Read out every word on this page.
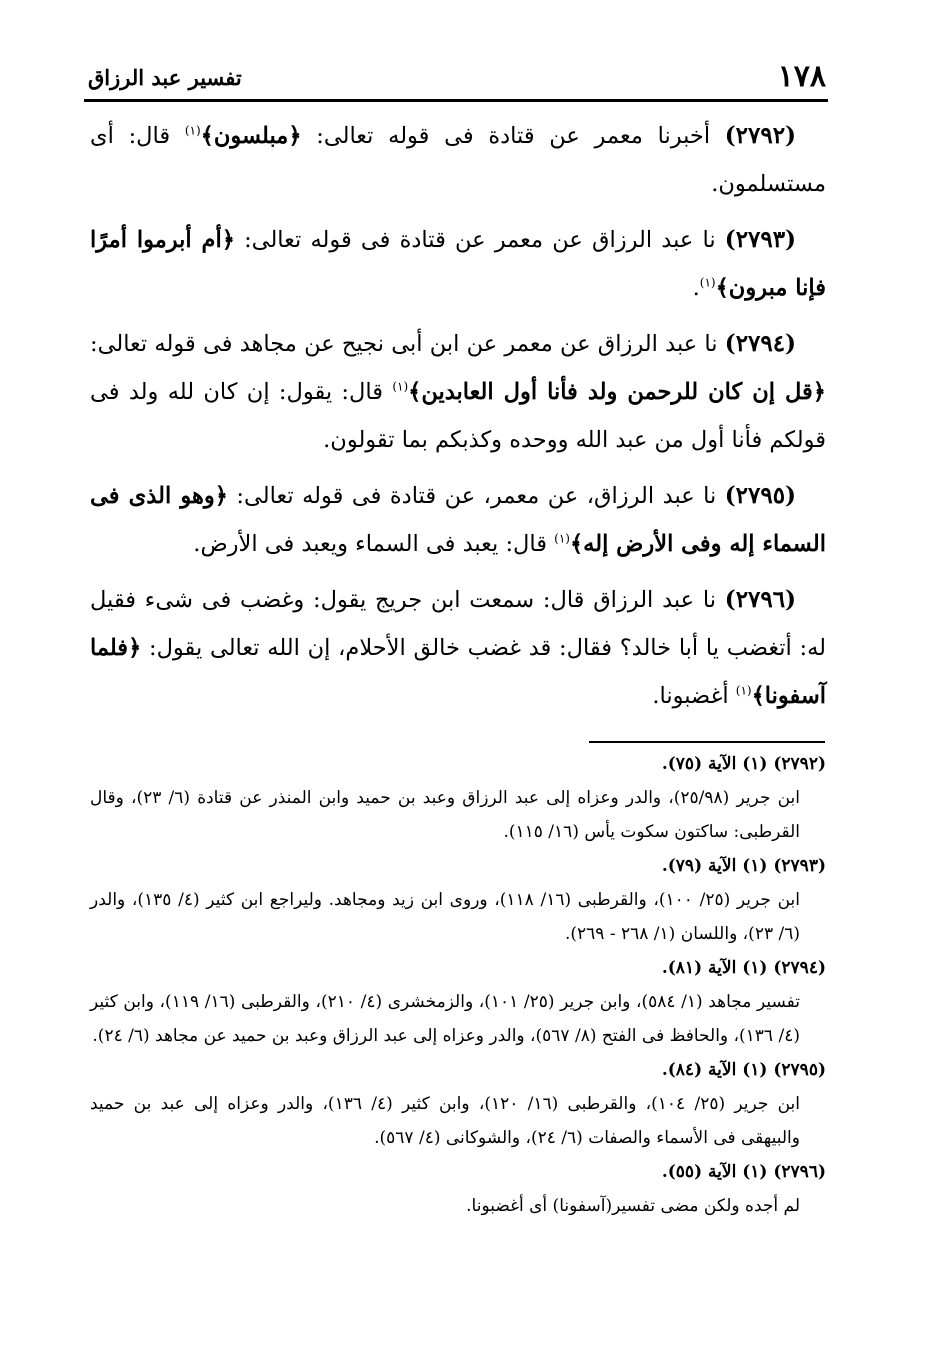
١٧٨
تفسير عبد الرزاق

(٢٧٩٢) أخبرنا معمر عن قتادة فى قوله تعالى: ﴿مبلسون﴾$^{(١)}$ قال: أى مستسلمون.

(٢٧٩٣) نا عبد الرزاق عن معمر عن قتادة فى قوله تعالى: ﴿أم أبرموا أمرًا فإنا مبرون﴾$^{(١)}$.

(٢٧٩٤) نا عبد الرزاق عن معمر عن ابن أبى نجيح عن مجاهد فى قوله تعالى: ﴿قل إن كان للرحمن ولد فأنا أول العابدين﴾$^{(١)}$ قال: يقول: إن كان لله ولد فى قولكم فأنا أول من عبد الله ووحده وكذبكم بما تقولون.

(٢٧٩٥) نا عبد الرزاق، عن معمر، عن قتادة فى قوله تعالى: ﴿وهو الذى فى السماء إله وفى الأرض إله﴾$^{(١)}$ قال: يعبد فى السماء ويعبد فى الأرض.

(٢٧٩٦) نا عبد الرزاق قال: سمعت ابن جريج يقول: وغضب فى شىء فقيل له: أتغضب يا أبا خالد؟ فقال: قد غضب خالق الأحلام، إن الله تعالى يقول: ﴿فلما آسفونا﴾$^{(١)}$ أغضبونا.

(٢٧٩٢) (١) الآية (٧٥).
ابن جرير (٢٥/٩٨)، والدر وعزاه إلى عبد الرزاق وعبد بن حميد وابن المنذر عن قتادة (٦/ ٢٣)، وقال القرطبى: ساكتون سكوت يأس (١٦/ ١١٥).
(٢٧٩٣) (١) الآية (٧٩).
ابن جرير (٢٥/ ١٠٠)، والقرطبى (١٦/ ١١٨)، وروى ابن زيد ومجاهد. وليراجع ابن كثير (٤/ ١٣٥)، والدر (٦/ ٢٣)، واللسان (١/ ٢٦٨ - ٢٦٩).
(٢٧٩٤) (١) الآية (٨١).
تفسير مجاهد (١/ ٥٨٤)، وابن جرير (٢٥/ ١٠١)، والزمخشرى (٤/ ٢١٠)، والقرطبى (١٦/ ١١٩)، وابن كثير (٤/ ١٣٦)، والحافظ فى الفتح (٨/ ٥٦٧)، والدر وعزاه إلى عبد الرزاق وعبد بن حميد عن مجاهد (٦/ ٢٤).
(٢٧٩٥) (١) الآية (٨٤).
ابن جرير (٢٥/ ١٠٤)، والقرطبى (١٦/ ١٢٠)، وابن كثير (٤/ ١٣٦)، والدر وعزاه إلى عبد بن حميد والبيهقى فى الأسماء والصفات (٦/ ٢٤)، والشوكانى (٤/ ٥٦٧).
(٢٧٩٦) (١) الآية (٥٥).
لم أجده ولكن مضى تفسير(آسفونا) أى أغضبونا.
